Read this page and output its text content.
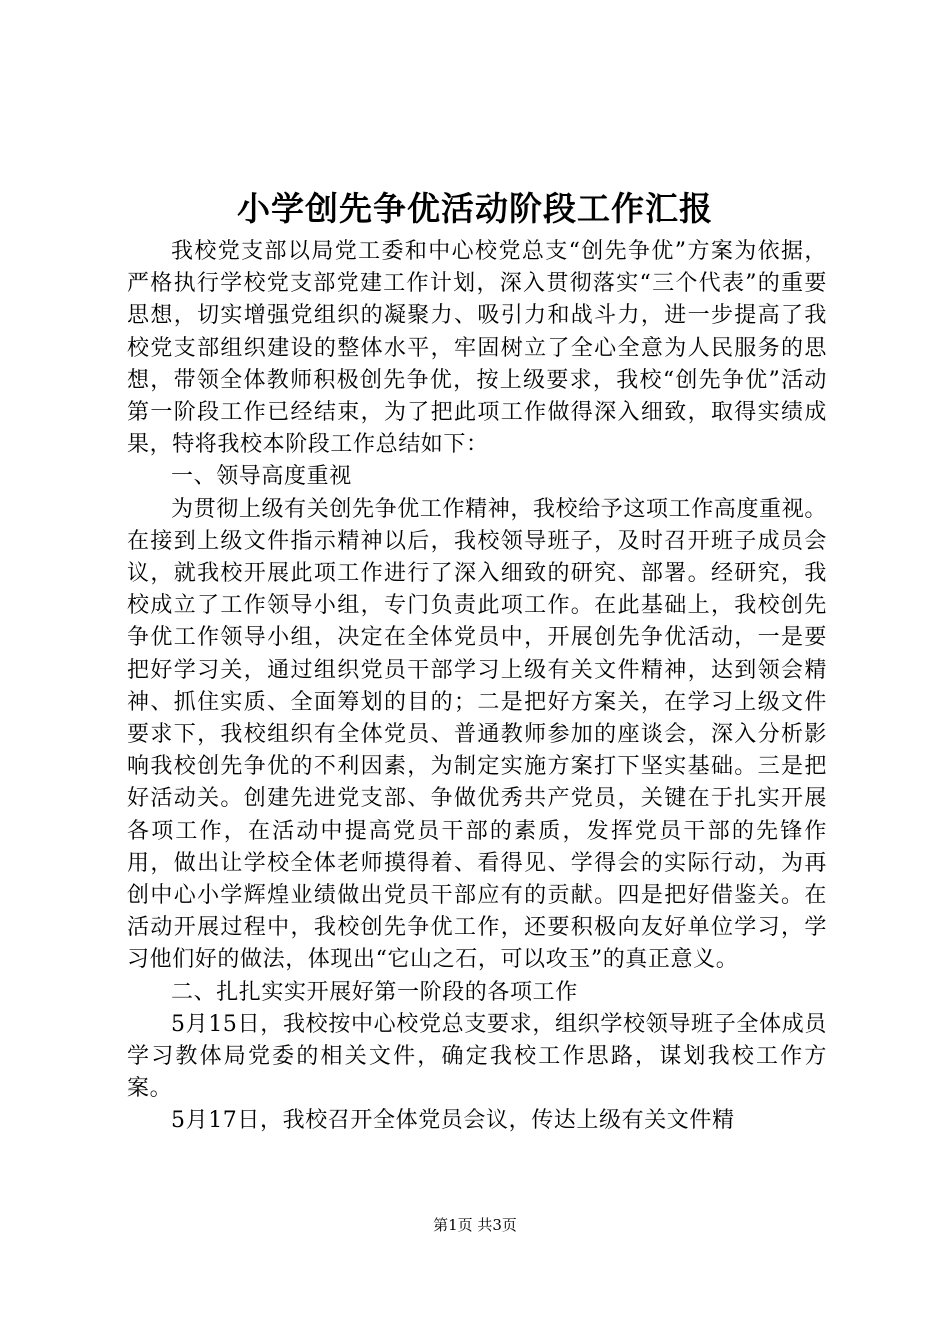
小学创先争优活动阶段工作汇报

我校党支部以局党工委和中心校党总支“创先争优”方案为依据，严格执行学校党支部党建工作计划，深入贯彻落实“三个代表”的重要思想，切实增强党组织的凝聚力、吸引力和战斗力，进一步提高了我校党支部组织建设的整体水平，牢固树立了全心全意为人民服务的思想，带领全体教师积极创先争优，按上级要求，我校“创先争优”活动第一阶段工作已经结束，为了把此项工作做得深入细致，取得实绩成果，特将我校本阶段工作总结如下：

一、领导高度重视

为贯彻上级有关创先争优工作精神，我校给予这项工作高度重视。在接到上级文件指示精神以后，我校领导班子，及时召开班子成员会议，就我校开展此项工作进行了深入细致的研究、部署。经研究，我校成立了工作领导小组，专门负责此项工作。在此基础上，我校创先争优工作领导小组，决定在全体党员中，开展创先争优活动，一是要把好学习关，通过组织党员干部学习上级有关文件精神，达到领会精神、抓住实质、全面筹划的目的；二是把好方案关，在学习上级文件要求下，我校组织有全体党员、普通教师参加的座谈会，深入分析影响我校创先争优的不利因素，为制定实施方案打下坚实基础。三是把好活动关。创建先进党支部、争做优秀共产党员，关键在于扎实开展各项工作，在活动中提高党员干部的素质，发挥党员干部的先锋作用，做出让学校全体老师摸得着、看得见、学得会的实际行动，为再创中心小学辉煌业绩做出党员干部应有的贡献。四是把好借鉴关。在活动开展过程中，我校创先争优工作，还要积极向友好单位学习，学习他们好的做法，体现出“它山之石，可以攻玉”的真正意义。

二、扎扎实实开展好第一阶段的各项工作

5月15日，我校按中心校党总支要求，组织学校领导班子全体成员学习教体局党委的相关文件，确定我校工作思路，谋划我校工作方案。

5月17日，我校召开全体党员会议，传达上级有关文件精

第1页 共3页
